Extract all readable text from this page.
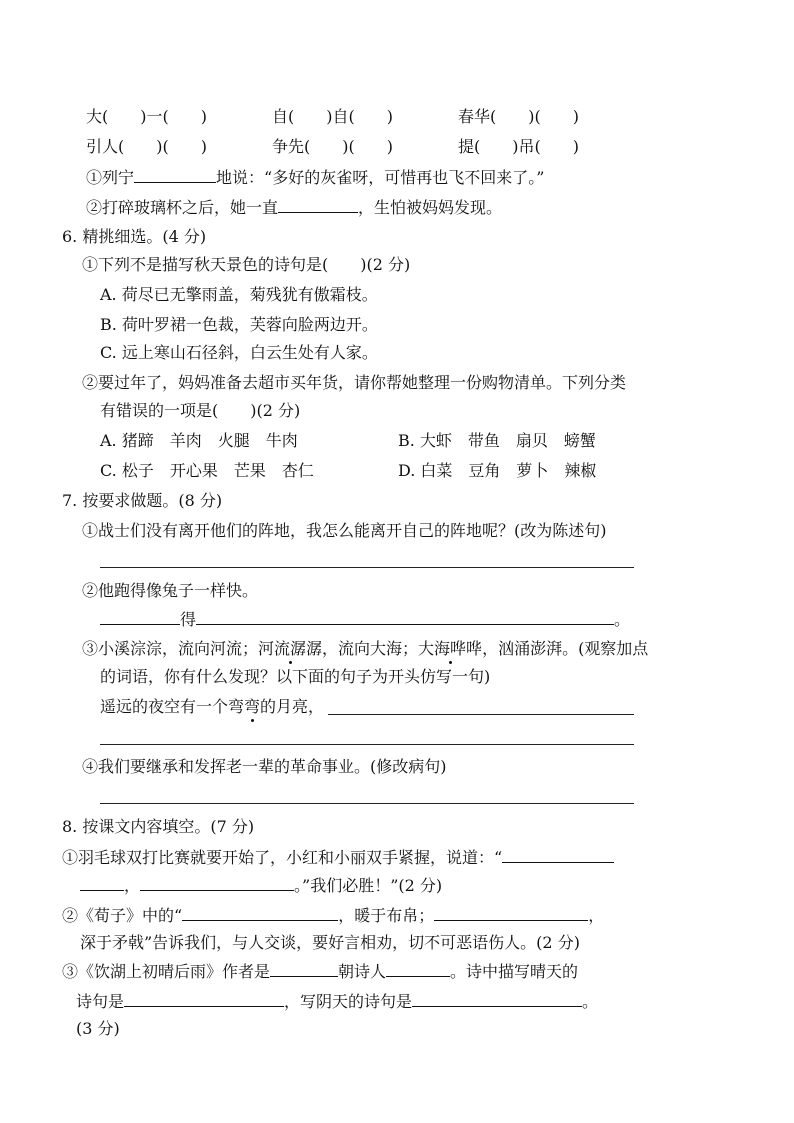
大(　　)一(　　)	自(　　)自(　　)	春华(　　)(　　)
引人(　　)(　　)	争先(　　)(　　)	提(　　)吊(　　)
①列宁	地说：“多好的灰雀呀，可惜再也飞不回来了。”
②打碎玻璃杯之后，她一直	，生怕被妈妈发现。
6. 精挑细选。(4 分)
①下列不是描写秋天景色的诗句是(　　)(2 分)
A. 荷尽已无擎雨盖，菊残犹有傲霜枝。
B. 荷叶罗裙一色裁，芙蓉向脸两边开。
C. 远上寒山石径斜，白云生处有人家。
②要过年了，妈妈准备去超市买年货，请你帮她整理一份购物清单。下列分类
有错误的一项是(　　)(2 分)
A. 猪蹄　羊肉　火腿　牛肉	B. 大虾　带鱼　扇贝　螃蟹
C. 松子　开心果　芒果　杏仁	D. 白菜　豆角　萝卜　辣椒
7. 按要求做题。(8 分)
①战士们没有离开他们的阵地，我怎么能离开自己的阵地呢？(改为陈述句)
②他跑得像兔子一样快。
得	。
③小溪淙淙，流向河流；河流潺潺，流向大海；大海哗哗，汹涌澎湃。(观察加点
的词语，你有什么发现？以下面的句子为开头仿写一句)
遥远的夜空有一个弯弯的月亮，
④我们要继承和发挥老一辈的革命事业。(修改病句)
8. 按课文内容填空。(7 分)
①羽毛球双打比赛就要开始了，小红和小丽双手紧握，说道：“
，	。”我们必胜！”(2 分)
②《荀子》中的“	，暖于布帛；	，
深于矛戟”告诉我们，与人交谈，要好言相劝，切不可恶语伤人。(2 分)
③《饮湖上初晴后雨》作者是	朝诗人	。诗中描写晴天的
诗句是	，写阴天的诗句是	。
(3 分)
